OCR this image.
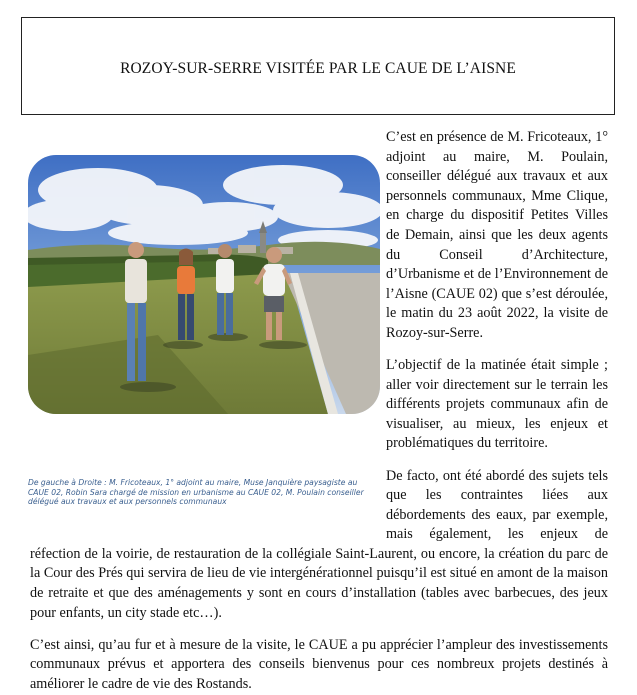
ROZOY-SUR-SERRE VISITÉE PAR LE CAUE DE L’AISNE
De gauche à Droite : M. Fricoteaux, 1° adjoint au maire, Muse Janquière paysagiste au CAUE 02, Robin Sara chargé de mission en urbanisme au CAUE 02, M. Poulain conseiller délégué aux travaux et aux personnels communaux

C’est en présence de M. Fricoteaux, 1° adjoint au maire, M. Poulain, conseiller délégué aux travaux et aux personnels communaux, Mme Clique, en charge du dispositif Petites Villes de Demain, ainsi que les deux agents du Conseil d’Architecture, d’Urbanisme et de l’Environnement de l’Aisne (CAUE 02) que s’est déroulée, le matin du 23 août 2022, la visite de Rozoy-sur-Serre.

L’objectif de la matinée était simple ; aller voir directement sur le terrain les différents projets communaux afin de visualiser, au mieux, les enjeux et problématiques du territoire.

De facto, ont été abordé des sujets tels que les contraintes liées aux débordements des eaux, par exemple, mais également, les enjeux de réfection de la voirie, de restauration de la collégiale Saint-Laurent, ou encore, la création du parc de la Cour des Prés qui servira de lieu de vie intergénérationnel puisqu’il est situé en amont de la maison de retraite et que des aménagements y sont en cours d’installation (tables avec barbecues, des jeux pour enfants, un city stade etc…).

C’est ainsi, qu’au fur et à mesure de la visite, le CAUE a pu apprécier l’ampleur des investissements communaux prévus et apportera des conseils bienvenus pour ces nombreux projets destinés à améliorer le cadre de vie des Rostands.
